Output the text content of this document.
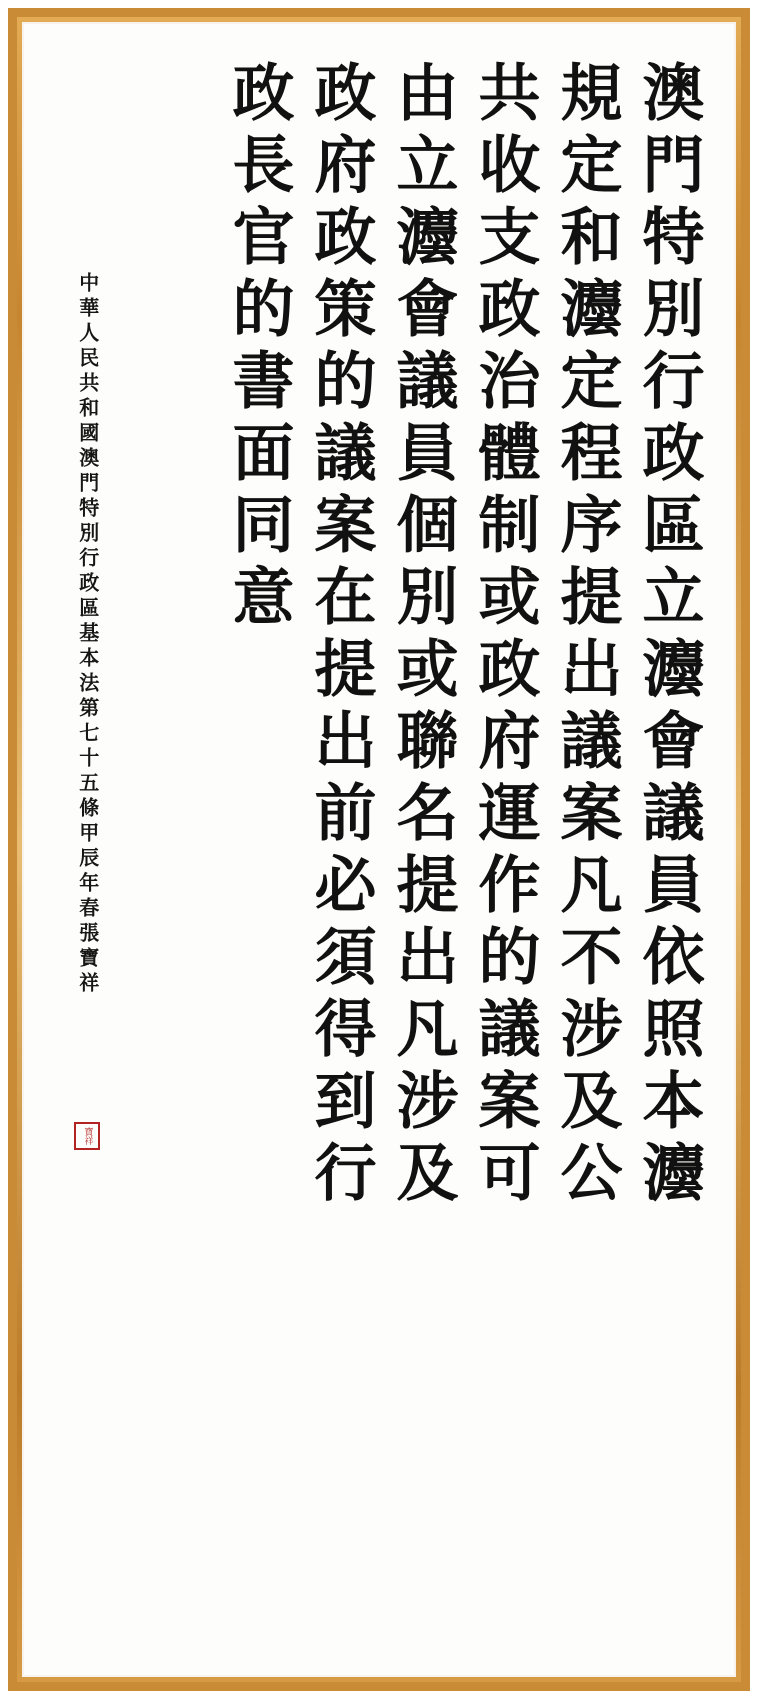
澳門特別行政區立灋會議員依照本灋
規定和灋定程序提出議案凡不涉及公
共收支政治體制或政府運作的議案可
由立灋會議員個別或聯名提出凡涉及
政府政策的議案在提出前必須得到行
政長官的書面同意
中華人民共和國澳門特別行政區基本法第七十五條甲辰年春張寶祥
寶祥
